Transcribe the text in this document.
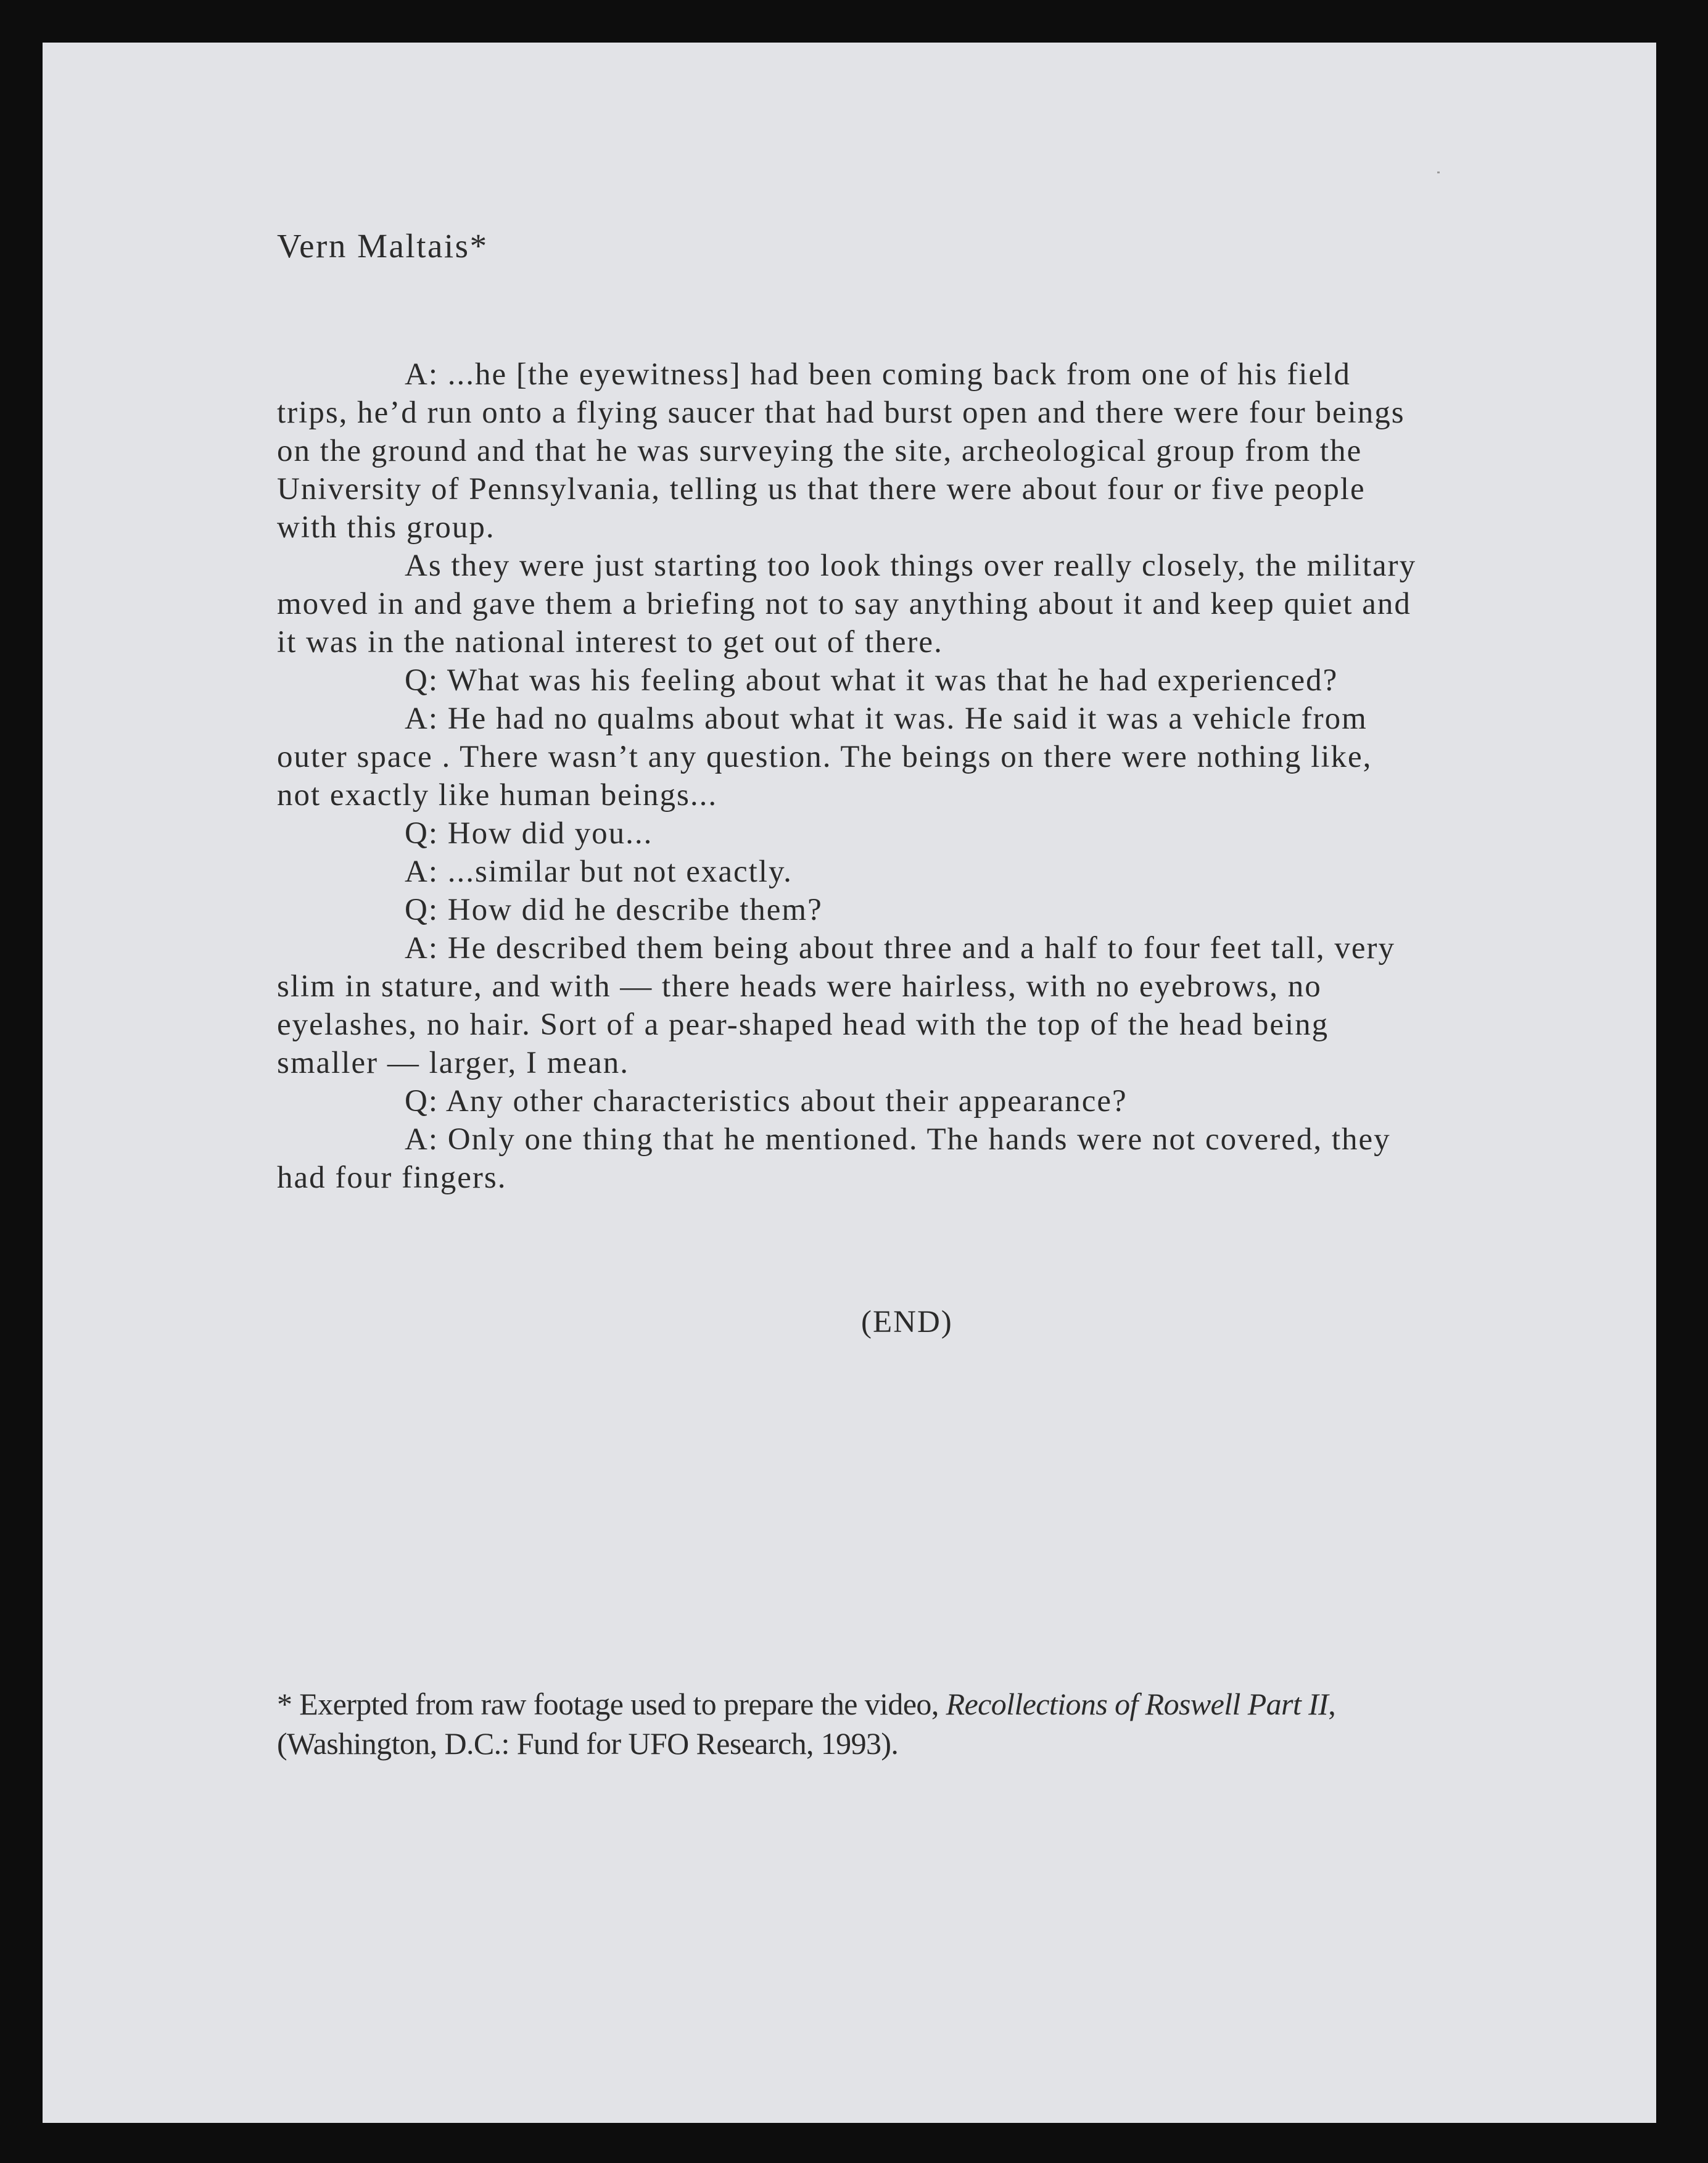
Vern Maltais*

A: ...he [the eyewitness] had been coming back from one of his field trips, he’d run onto a flying saucer that had burst open and there were four beings on the ground and that he was surveying the site, archeological group from the University of Pennsylvania, telling us that there were about four or five people with this group.

As they were just starting too look things over really closely, the military moved in and gave them a briefing not to say anything about it and keep quiet and it was in the national interest to get out of there.

Q: What was his feeling about what it was that he had experienced?

A: He had no qualms about what it was. He said it was a vehicle from outer space . There wasn’t any question. The beings on there were nothing like, not exactly like human beings...

Q: How did you...

A: ...similar but not exactly.

Q: How did he describe them?

A: He described them being about three and a half to four feet tall, very slim in stature, and with — there heads were hairless, with no eyebrows, no eyelashes, no hair. Sort of a pear-shaped head with the top of the head being smaller — larger, I mean.

Q: Any other characteristics about their appearance?

A: Only one thing that he mentioned. The hands were not covered, they had four fingers.

(END)
* Exerpted from raw footage used to prepare the video, Recollections of Roswell Part II, (Washington, D.C.: Fund for UFO Research, 1993).
